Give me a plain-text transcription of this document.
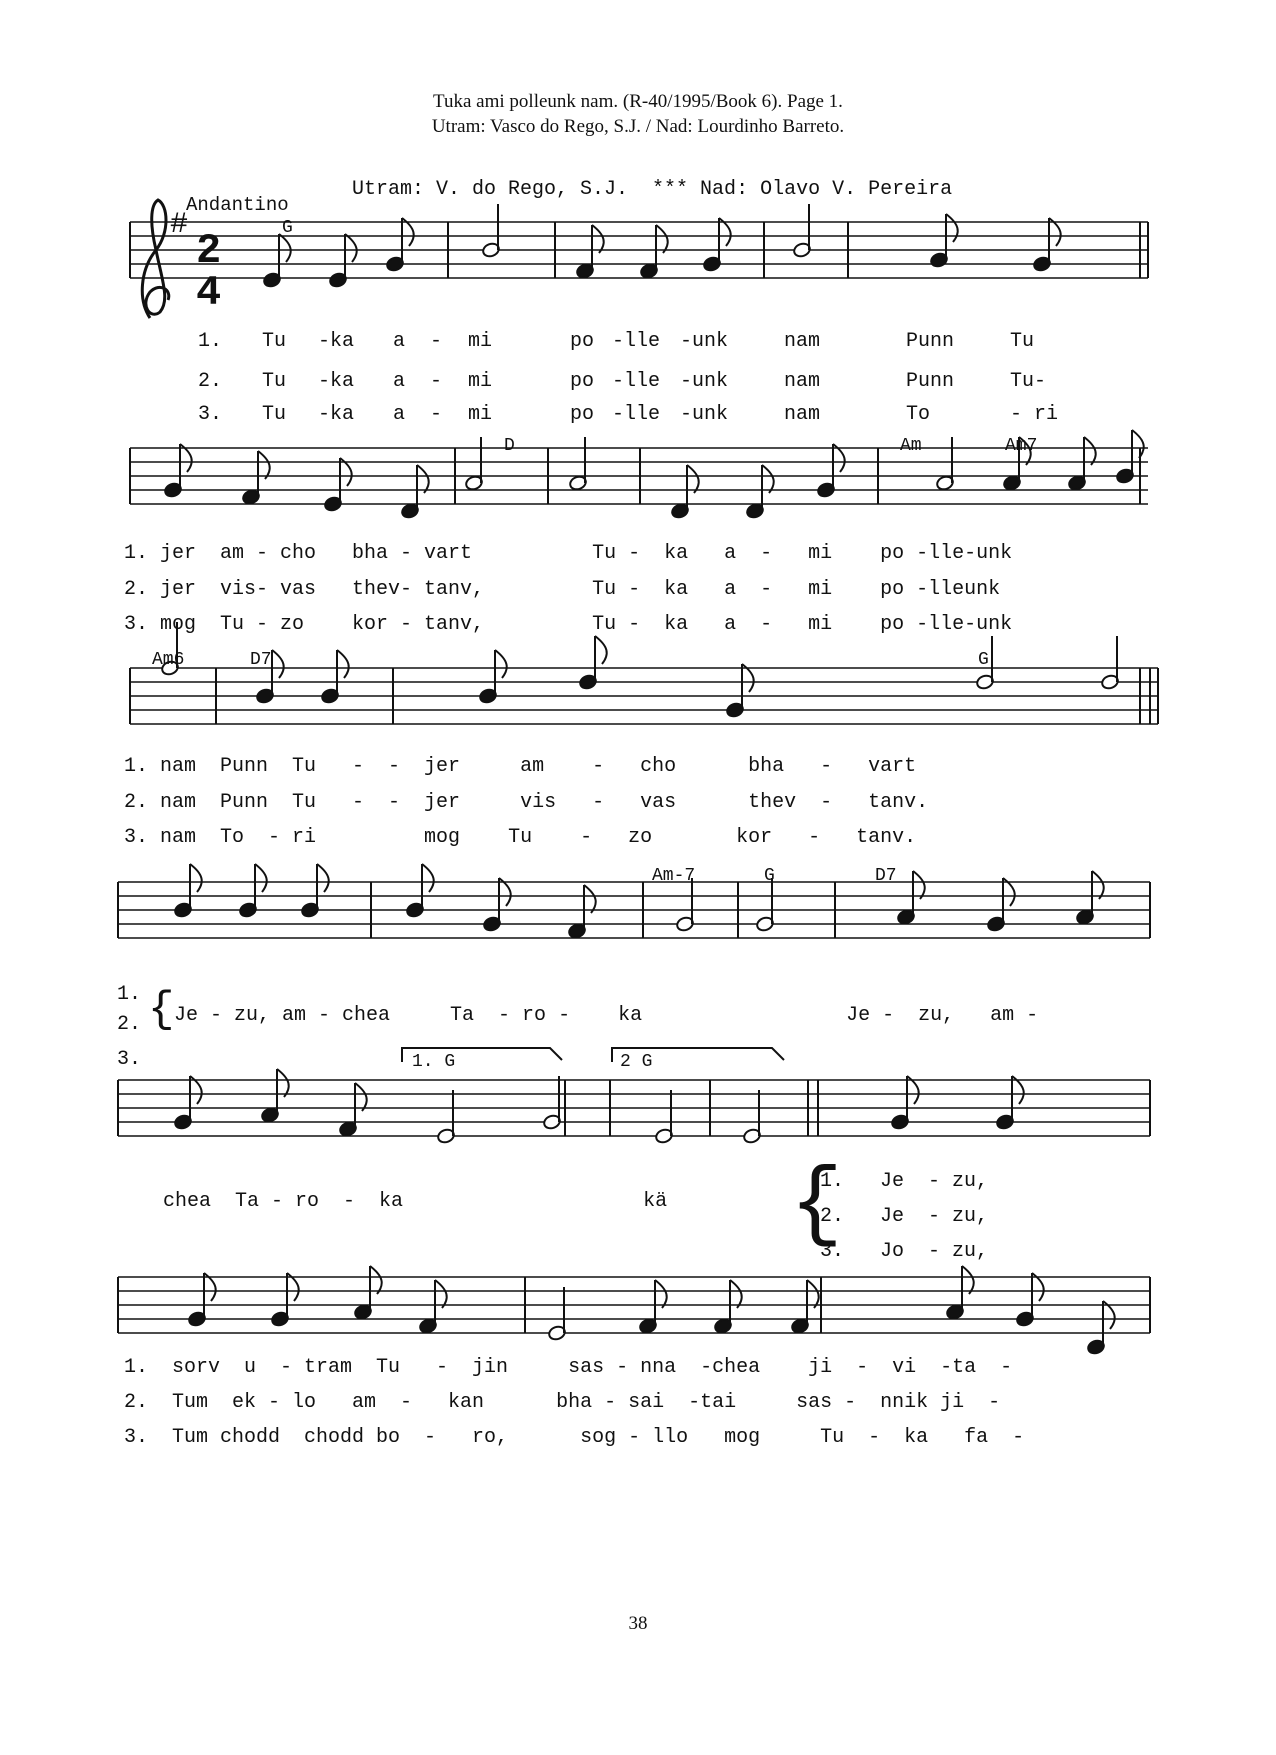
Tuka ami polleunk nam. (R-40/1995/Book 6). Page 1.
Utram: Vasco do Rego, S.J. / Nad: Lourdinho Barreto.
Utram: V. do Rego, S.J.  *** Nad: Olavo V. Pereira
Andantino
#
2
4
G
D	Am	Am7
Am6	D7	G
Am-7	G	D7
1. G	2 G
1. Tu -ka a - mi	po -lle -unk	nam	Punn	Tu
2. Tu -ka a - mi	po -lle -unk	nam	Punn	Tu -
3. Tu -ka a - mi	po -lle -unk	nam	To	- ri
1. jer  am - cho   bha - vart          Tu -  ka   a  -   mi    po -lle-unk
2. jer  vis- vas   thev- tanv,         Tu -  ka   a  -   mi    po -lleunk
3. mog  Tu - zo    kor - tanv,         Tu -  ka   a  -   mi    po -lle-unk
1. nam  Punn  Tu   -  -  jer     am    -   cho      bha   -   vart
2. nam  Punn  Tu   -  -  jer     vis   -   vas      thev  -   tanv.
3. nam  To  - ri         mog    Tu    -   zo       kor   -   tanv.
1.
2.
3.
{ Je - zu, am - chea     Ta  - ro -    ka                 Je -  zu,   am -
chea  Ta - ro  -  ka                    kä {
1.   Je  - zu,
2.   Je  - zu,
3.   Jo  - zu,
1.  sorv  u  - tram  Tu   -  jin     sas - nna  -chea    ji  -  vi  -ta  -
2.  Tum  ek - lo   am  -   kan      bha - sai  -tai     sas -  nnik ji  -
3.  Tum chodd  chodd bo  -   ro,      sog - llo   mog     Tu  -  ka   fa  -
38
